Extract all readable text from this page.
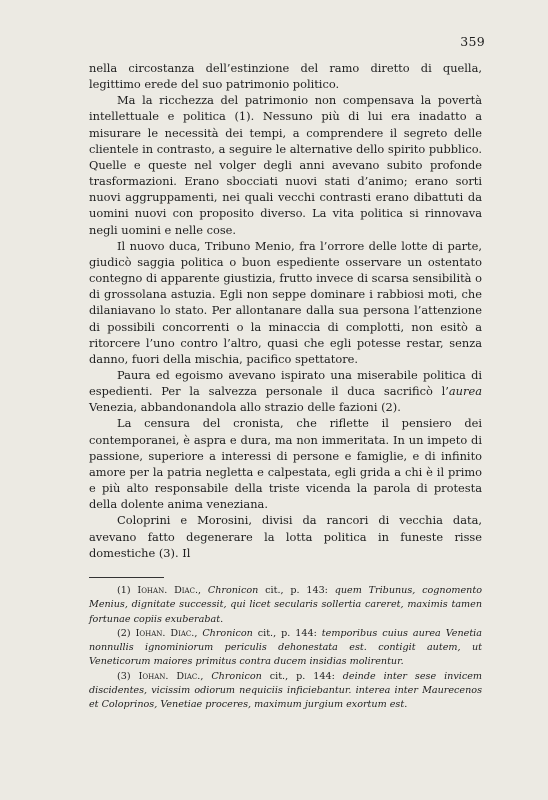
359

nella circostanza dell’estinzione del ramo diretto di quella, legittimo erede del suo patrimonio politico.

Ma la ricchezza del patrimonio non compensava la povertà intellettuale e politica (1). Nessuno più di lui era inadatto a misurare le necessità dei tempi, a comprendere il segreto delle clientele in contrasto, a seguire le alternative dello spirito pubblico. Quelle e queste nel volger degli anni avevano subito profonde trasformazioni. Erano sbocciati nuovi stati d’animo; erano sorti nuovi aggruppamenti, nei quali vecchi contrasti erano dibattuti da uomini nuovi con proposito diverso. La vita politica si rinnovava negli uomini e nelle cose.

Il nuovo duca, Tribuno Menio, fra l’orrore delle lotte di parte, giudicò saggia politica o buon espediente osservare un ostentato contegno di apparente giustizia, frutto invece di scarsa sensibilità o di grossolana astuzia. Egli non seppe dominare i rabbiosi moti, che dilaniavano lo stato. Per allontanare dalla sua persona l’attenzione di possibili concorrenti o la minaccia di complotti, non esitò a ritorcere l’uno contro l’altro, quasi che egli potesse restar, senza danno, fuori della mischia, pacifico spettatore.

Paura ed egoismo avevano ispirato una miserabile politica di espedienti. Per la salvezza personale il duca sacrificò l’aurea Venezia, abbandonandola allo strazio delle fazioni (2).

La censura del cronista, che riflette il pensiero dei contemporanei, è aspra e dura, ma non immeritata. In un impeto di passione, superiore a interessi di persone e famiglie, e di infinito amore per la patria negletta e calpestata, egli grida a chi è il primo e più alto responsabile della triste vicenda la parola di protesta della dolente anima veneziana.

Coloprini e Morosini, divisi da rancori di vecchia data, avevano fatto degenerare la lotta politica in funeste risse domestiche (3). Il

(1) Iohan. Diac., Chronicon cit., p. 143: quem Tribunus, cognomento Menius, dignitate successit, qui licet secularis sollertia careret, maximis tamen fortunae copiis exuberabat.

(2) Iohan. Diac., Chronicon cit., p. 144: temporibus cuius aurea Venetia nonnullis ignominiorum periculis dehonestata est. contigit autem, ut Veneticorum maiores primitus contra ducem insidias molirentur.

(3) Iohan. Diac., Chronicon cit., p. 144: deinde inter sese invicem discidentes, vicissim odiorum nequiciis inficiebantur. interea inter Maurecenos et Coloprinos, Venetiae proceres, maximum jurgium exortum est.
